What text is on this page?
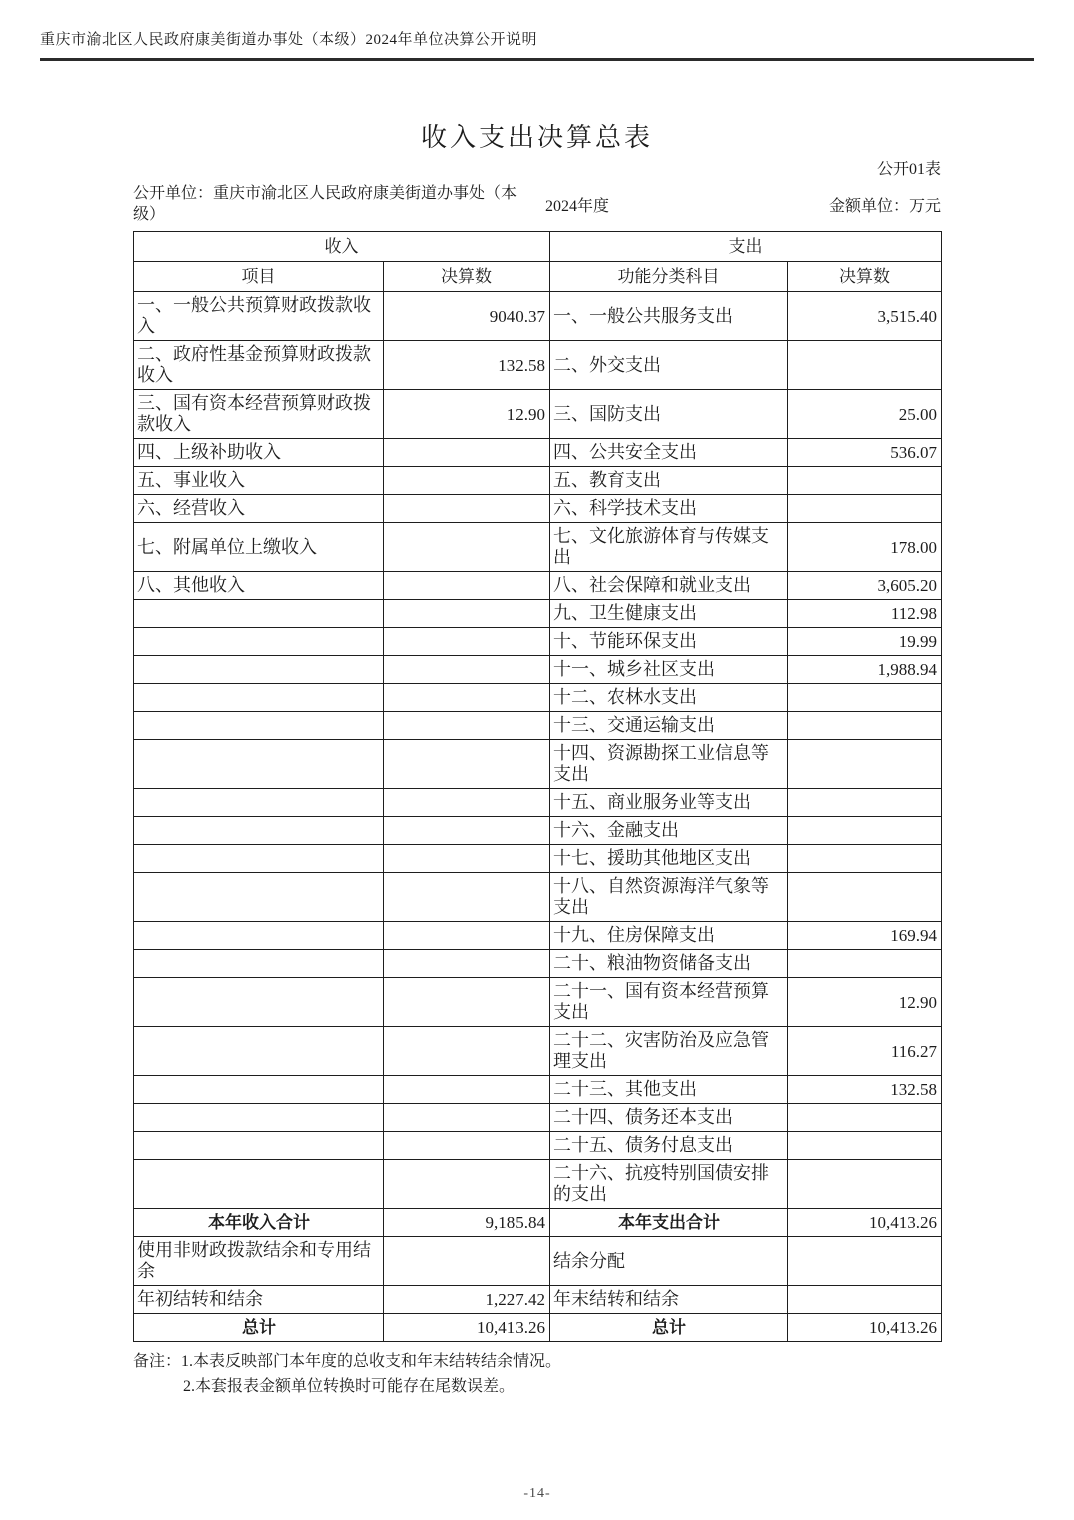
重庆市渝北区人民政府康美街道办事处（本级）2024年单位决算公开说明
收入支出决算总表
公开01表
公开单位：重庆市渝北区人民政府康美街道办事处（本级）	2024年度	金额单位：万元
收入		支出	
项目	决算数	功能分类科目	决算数
一、一般公共预算财政拨款收入	9040.37	一、一般公共服务支出	3,515.40
二、政府性基金预算财政拨款收入	132.58	二、外交支出	
三、国有资本经营预算财政拨款收入	12.90	三、国防支出	25.00
四、上级补助收入		四、公共安全支出	536.07
五、事业收入		五、教育支出	
六、经营收入		六、科学技术支出	
七、附属单位上缴收入		七、文化旅游体育与传媒支出	178.00
八、其他收入		八、社会保障和就业支出	3,605.20
		九、卫生健康支出	112.98
		十、节能环保支出	19.99
		十一、城乡社区支出	1,988.94
		十二、农林水支出	
		十三、交通运输支出	
		十四、资源勘探工业信息等支出	
		十五、商业服务业等支出	
		十六、金融支出	
		十七、援助其他地区支出	
		十八、自然资源海洋气象等支出	
		十九、住房保障支出	169.94
		二十、粮油物资储备支出	
		二十一、国有资本经营预算支出	12.90
		二十二、灾害防治及应急管理支出	116.27
		二十三、其他支出	132.58
		二十四、债务还本支出	
		二十五、债务付息支出	
		二十六、抗疫特别国债安排的支出	
本年收入合计	9,185.84	本年支出合计	10,413.26
使用非财政拨款结余和专用结余		结余分配	
年初结转和结余	1,227.42	年末结转和结余	
总计	10,413.26	总计	10,413.26
备注：1.本表反映部门本年度的总收支和年末结转结余情况。
2.本套报表金额单位转换时可能存在尾数误差。
-14-
